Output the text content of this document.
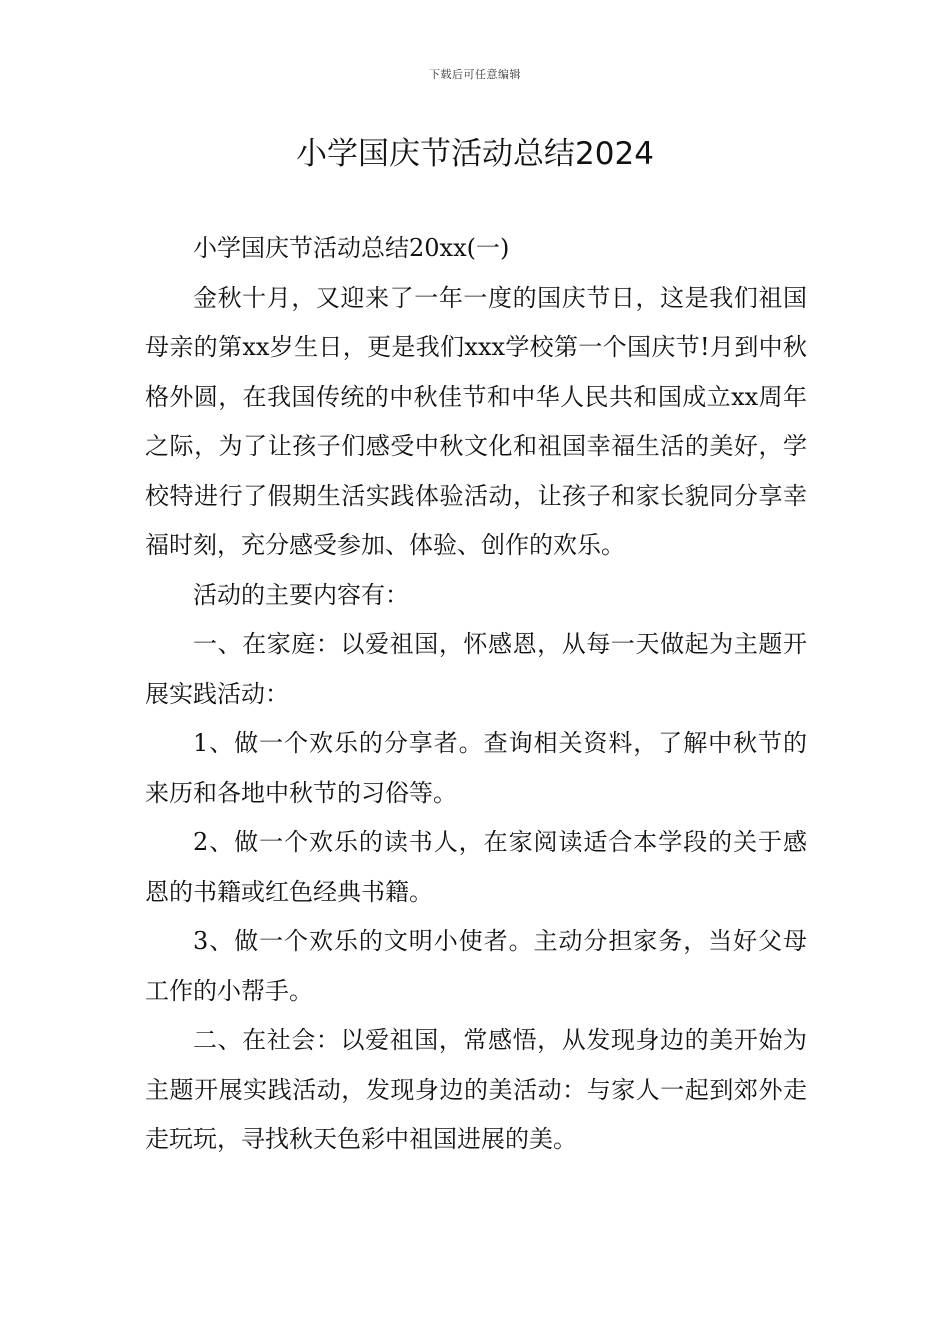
下载后可任意编辑
小学国庆节活动总结2024

小学国庆节活动总结20xx(一)

金秋十月，又迎来了一年一度的国庆节日，这是我们祖国母亲的第xx岁生日，更是我们xxx学校第一个国庆节!月到中秋格外圆，在我国传统的中秋佳节和中华人民共和国成立xx周年之际，为了让孩子们感受中秋文化和祖国幸福生活的美好，学校特进行了假期生活实践体验活动，让孩子和家长貌同分享幸福时刻，充分感受参加、体验、创作的欢乐。

活动的主要内容有：

一、在家庭：以爱祖国，怀感恩，从每一天做起为主题开展实践活动：

1、做一个欢乐的分享者。查询相关资料，了解中秋节的来历和各地中秋节的习俗等。

2、做一个欢乐的读书人，在家阅读适合本学段的关于感恩的书籍或红色经典书籍。

3、做一个欢乐的文明小使者。主动分担家务，当好父母工作的小帮手。

二、在社会：以爱祖国，常感悟，从发现身边的美开始为主题开展实践活动，发现身边的美活动：与家人一起到郊外走走玩玩，寻找秋天色彩中祖国进展的美。
